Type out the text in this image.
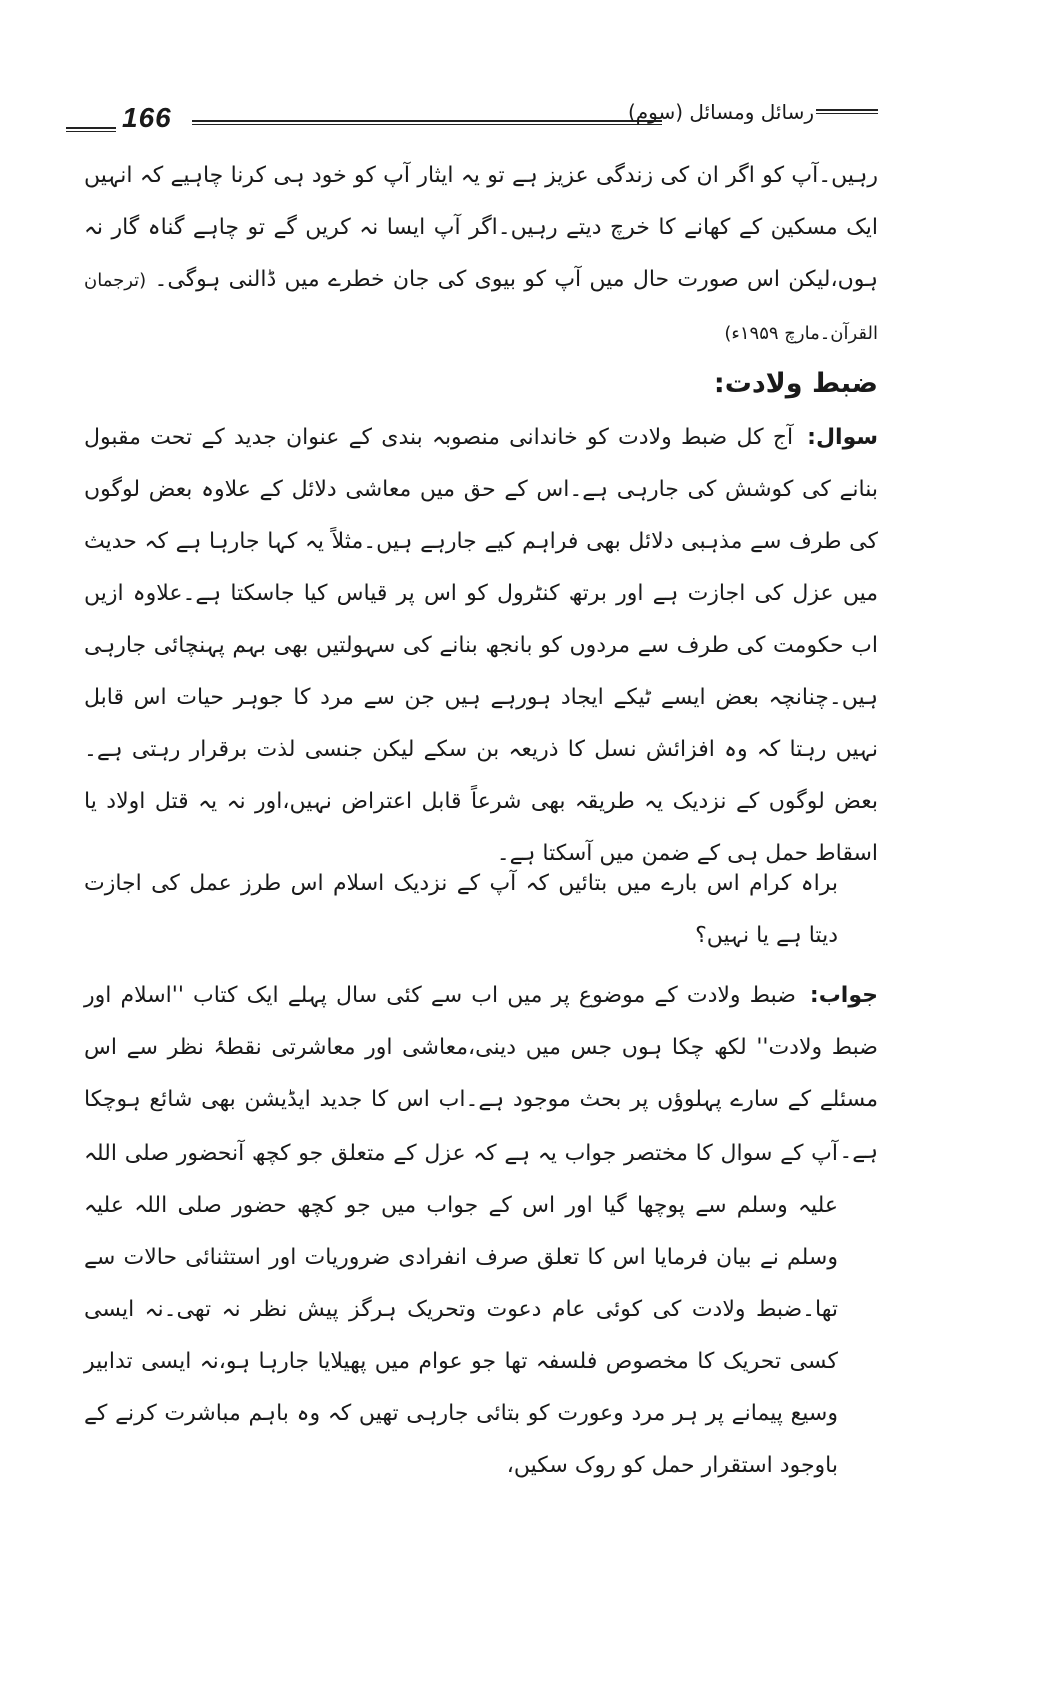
166	رسائل ومسائل (سوم)
رہیں۔آپ کو اگر ان کی زندگی عزیز ہے تو یہ ایثار آپ کو خود ہی کرنا چاہیے کہ انہیں ایک مسکین کے کھانے کا خرچ دیتے رہیں۔اگر آپ ایسا نہ کریں گے تو چاہے گناہ گار نہ ہوں،لیکن اس صورت حال میں آپ کو بیوی کی جان خطرے میں ڈالنی ہوگی۔ (ترجمان القرآن۔مارچ ۱۹۵۹ء)
ضبط ولادت:
سوال:آج کل ضبط ولادت کو خاندانی منصوبہ بندی کے عنوان جدید کے تحت مقبول بنانے کی کوشش کی جارہی ہے۔اس کے حق میں معاشی دلائل کے علاوہ بعض لوگوں کی طرف سے مذہبی دلائل بھی فراہم کیے جارہے ہیں۔مثلاً یہ کہا جارہا ہے کہ حدیث میں عزل کی اجازت ہے اور برتھ کنٹرول کو اس پر قیاس کیا جاسکتا ہے۔علاوہ ازیں اب حکومت کی طرف سے مردوں کو بانجھ بنانے کی سہولتیں بھی بہم پہنچائی جارہی ہیں۔چنانچہ بعض ایسے ٹیکے ایجاد ہورہے ہیں جن سے مرد کا جوہر حیات اس قابل نہیں رہتا کہ وہ افزائش نسل کا ذریعہ بن سکے لیکن جنسی لذت برقرار رہتی ہے۔بعض لوگوں کے نزدیک یہ طریقہ بھی شرعاً قابل اعتراض نہیں،اور نہ یہ قتل اولاد یا اسقاط حمل ہی کے ضمن میں آسکتا ہے۔
براہ کرام اس بارے میں بتائیں کہ آپ کے نزدیک اسلام اس طرز عمل کی اجازت دیتا ہے یا نہیں؟
جواب:ضبط ولادت کے موضوع پر میں اب سے کئی سال پہلے ایک کتاب ''اسلام اور ضبط ولادت'' لکھ چکا ہوں جس میں دینی،معاشی اور معاشرتی نقطۂ نظر سے اس مسئلے کے سارے پہلوؤں پر بحث موجود ہے۔اب اس کا جدید ایڈیشن بھی شائع ہوچکا ہے۔
آپ کے سوال کا مختصر جواب یہ ہے کہ عزل کے متعلق جو کچھ آنحضور صلی اللہ علیہ وسلم سے پوچھا گیا اور اس کے جواب میں جو کچھ حضور صلی اللہ علیہ وسلم نے بیان فرمایا اس کا تعلق صرف انفرادی ضروریات اور استثنائی حالات سے تھا۔ضبط ولادت کی کوئی عام دعوت وتحریک ہرگز پیش نظر نہ تھی۔نہ ایسی کسی تحریک کا مخصوص فلسفہ تھا جو عوام میں پھیلایا جارہا ہو،نہ ایسی تدابیر وسیع پیمانے پر ہر مرد وعورت کو بتائی جارہی تھیں کہ وہ باہم مباشرت کرنے کے باوجود استقرار حمل کو روک سکیں،
